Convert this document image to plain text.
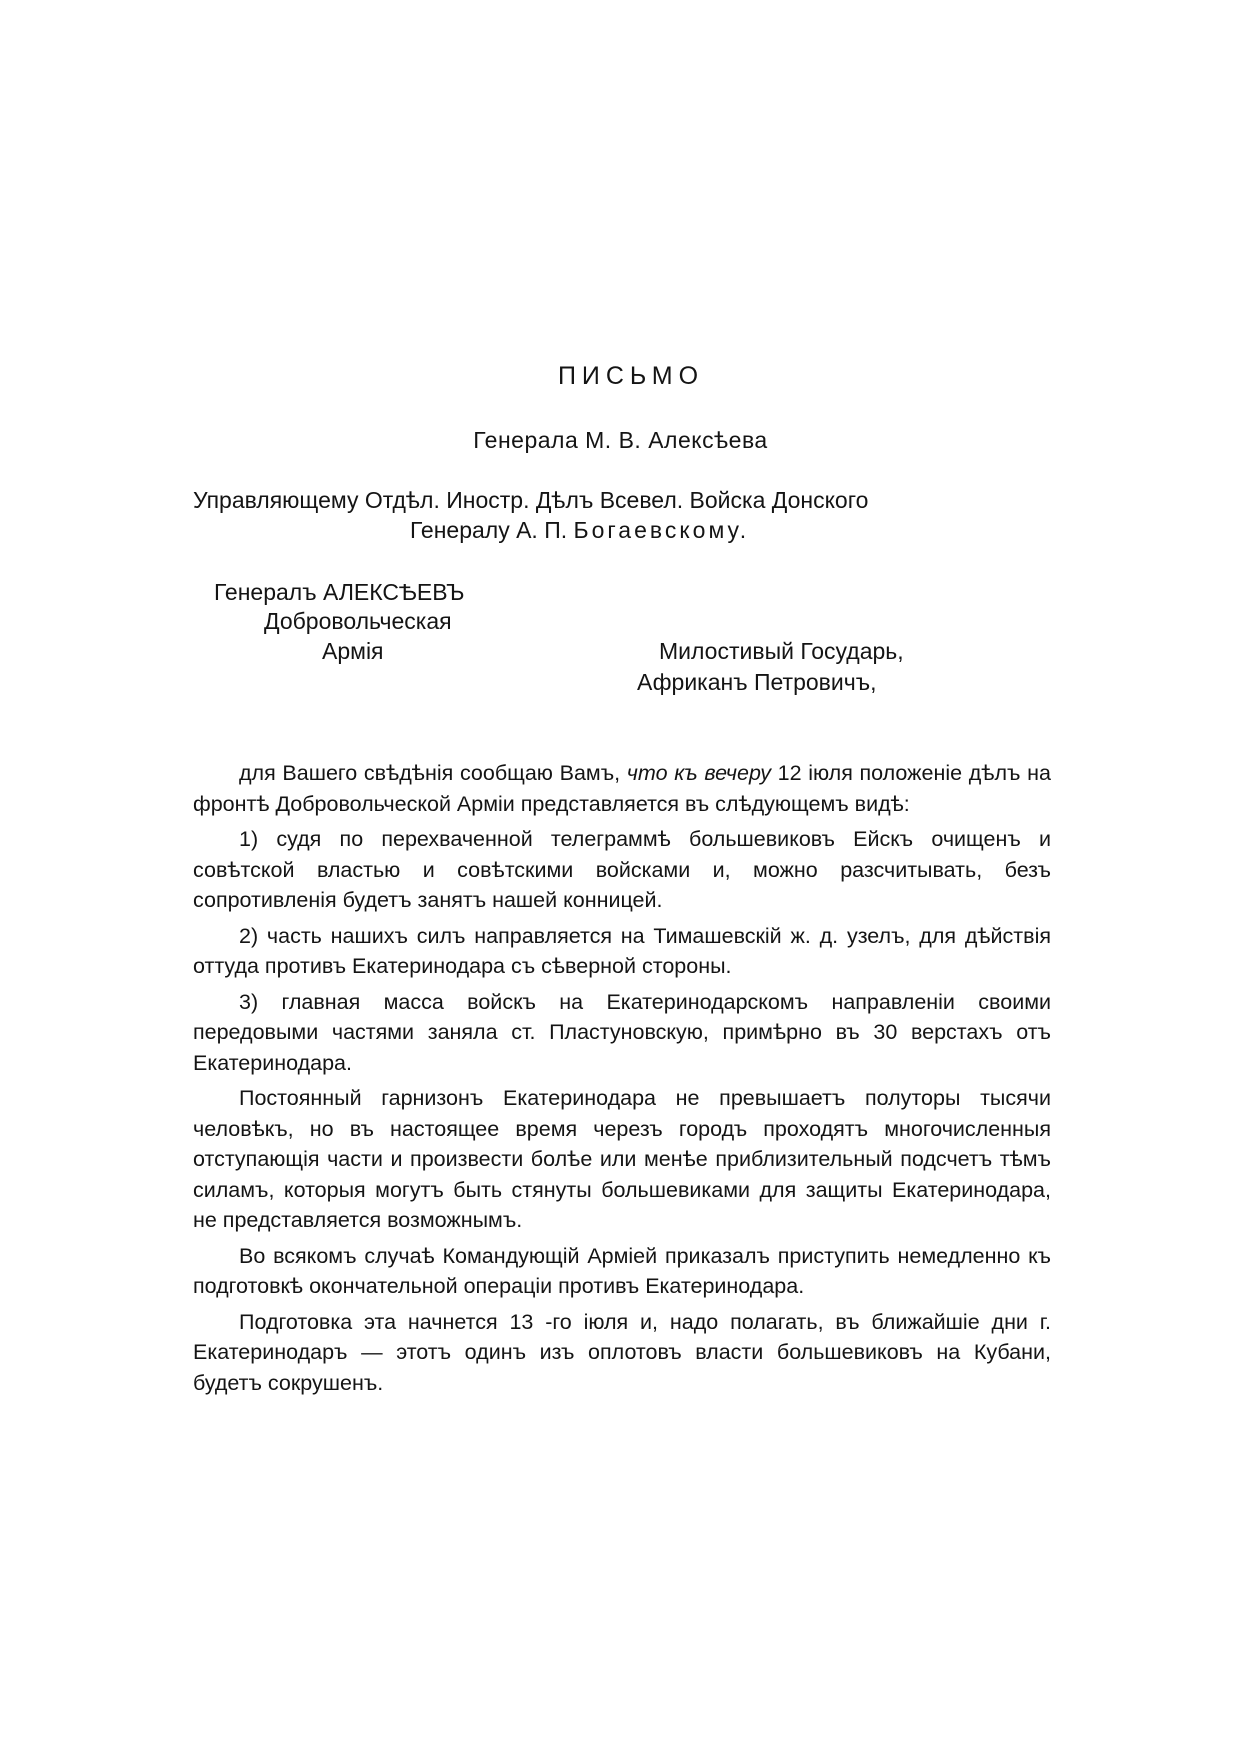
ПИСЬМО
Генерала М. В. Алексѣева
Управляющему Отдѣл. Иностр. Дѣлъ Всевел. Войска Донского
Генералу А. П. Богаевскому.
Генералъ АЛЕКСѢЕВЪ
Добровольческая
Армія	Милостивый Государь,
Африканъ Петровичъ,

для Вашего свѣдѣнія сообщаю Вамъ, что къ вечеру 12 іюля положеніе дѣлъ на фронтѣ Добровольческой Арміи представляется въ слѣдующемъ видѣ:

1) судя по перехваченной телеграммѣ большевиковъ Ейскъ очищенъ и совѣтской властью и совѣтскими войсками и, можно разсчитывать, безъ сопротивленія будетъ занятъ нашей конницей.

2) часть нашихъ силъ направляется на Тимашевскій ж. д. узелъ, для дѣйствія оттуда противъ Екатеринодара съ сѣверной стороны.

3) главная масса войскъ на Екатеринодарскомъ направленіи своими передовыми частями заняла ст. Пластуновскую, примѣрно въ 30 верстахъ отъ Екатеринодара.

Постоянный гарнизонъ Екатеринодара не превышаетъ полуторы тысячи человѣкъ, но въ настоящее время черезъ городъ проходятъ многочисленныя отступающія части и произвести болѣе или менѣе приблизительный подсчетъ тѣмъ силамъ, которыя могутъ быть стянуты большевиками для защиты Екатеринодара, не представляется возможнымъ.

Во всякомъ случаѣ Командующій Арміей приказалъ приступить немедленно къ подготовкѣ окончательной операціи противъ Екатеринодара.

Подготовка эта начнется 13 -го іюля и, надо полагать, въ ближайшіе дни г. Екатеринодаръ — этотъ одинъ изъ оплотовъ власти большевиковъ на Кубани, будетъ сокрушенъ.
